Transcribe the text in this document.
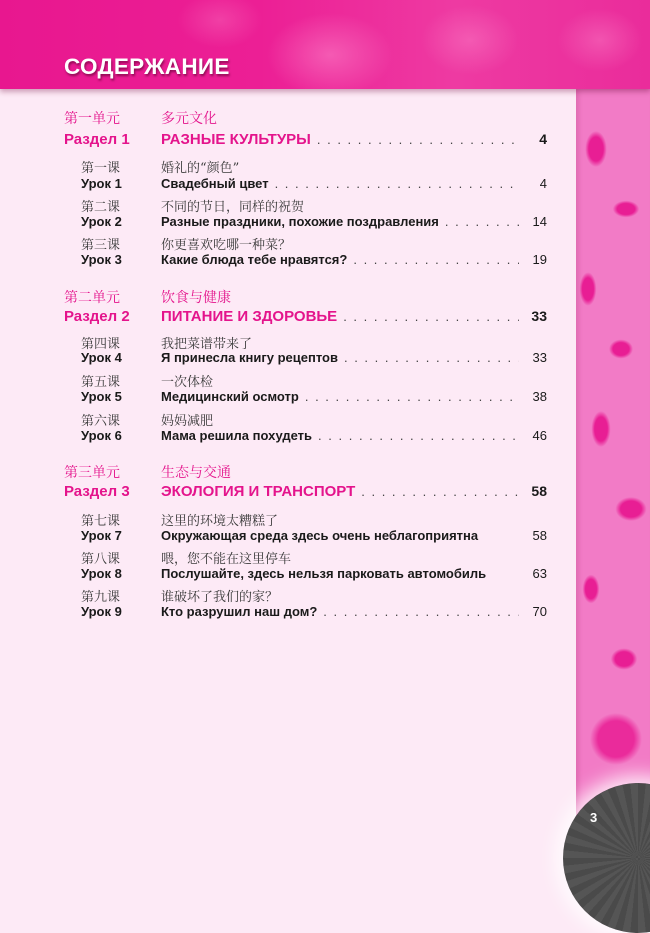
СОДЕРЖАНИЕ
3
第一单元	多元文化
Раздел 1 РАЗНЫЕ КУЛЬТУРЫ . . .	4
第一课	婚礼的“颜色”
Урок 1	Свадебный цвет . . .	4
第二课	不同的节日，同样的祝贺
Урок 2	Разные праздники, похожие поздравления . . .	14
第三课	你更喜欢吃哪一种菜？
Урок 3	Какие блюда тебе нравятся? . . .	19
第二单元	饮食与健康
Раздел 2 ПИТАНИЕ И ЗДОРОВЬЕ . . .	33
第四课	我把菜谱带来了
Урок 4	Я принесла книгу рецептов . . .	33
第五课	一次体检
Урок 5	Медицинский осмотр . . .	38
第六课	妈妈减肥
Урок 6	Мама решила похудеть . . .	46
第三单元	生态与交通
Раздел 3 ЭКОЛОГИЯ И ТРАНСПОРТ . . .	58
第七课	这里的环境太糟糕了
Урок 7	Окружающая среда здесь очень неблагоприятна	58
第八课	喂，您不能在这里停车
Урок 8	Послушайте, здесь нельзя парковать автомобиль	63
第九课	谁破坏了我们的家？
Урок 9	Кто разрушил наш дом? . . .	70
